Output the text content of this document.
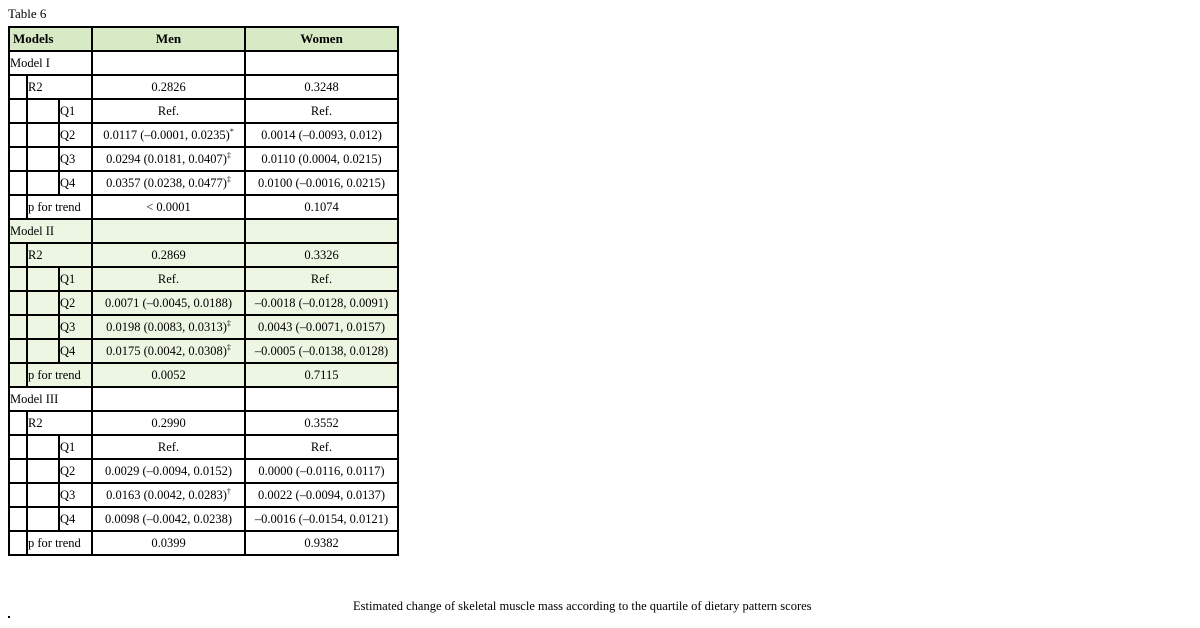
Table 6
Models			Men	Women
Model I				
	R2		0.2826	0.3248
		Q1	Ref.	Ref.
		Q2	0.0117 (–0.0001, 0.0235)*	0.0014 (–0.0093, 0.012)
		Q3	0.0294 (0.0181, 0.0407)‡	0.0110 (0.0004, 0.0215)
		Q4	0.0357 (0.0238, 0.0477)‡	0.0100 (–0.0016, 0.0215)
	p for trend		< 0.0001	0.1074
Model II				
	R2		0.2869	0.3326
		Q1	Ref.	Ref.
		Q2	0.0071 (–0.0045, 0.0188)	–0.0018 (–0.0128, 0.0091)
		Q3	0.0198 (0.0083, 0.0313)‡	0.0043 (–0.0071, 0.0157)
		Q4	0.0175 (0.0042, 0.0308)‡	–0.0005 (–0.0138, 0.0128)
	p for trend		0.0052	0.7115
Model III				
	R2		0.2990	0.3552
		Q1	Ref.	Ref.
		Q2	0.0029 (–0.0094, 0.0152)	0.0000 (–0.0116, 0.0117)
		Q3	0.0163 (0.0042, 0.0283)†	0.0022 (–0.0094, 0.0137)
		Q4	0.0098 (–0.0042, 0.0238)	–0.0016 (–0.0154, 0.0121)
	p for trend		0.0399	0.9382
Estimated change of skeletal muscle mass according to the quartile of dietary pattern scores
